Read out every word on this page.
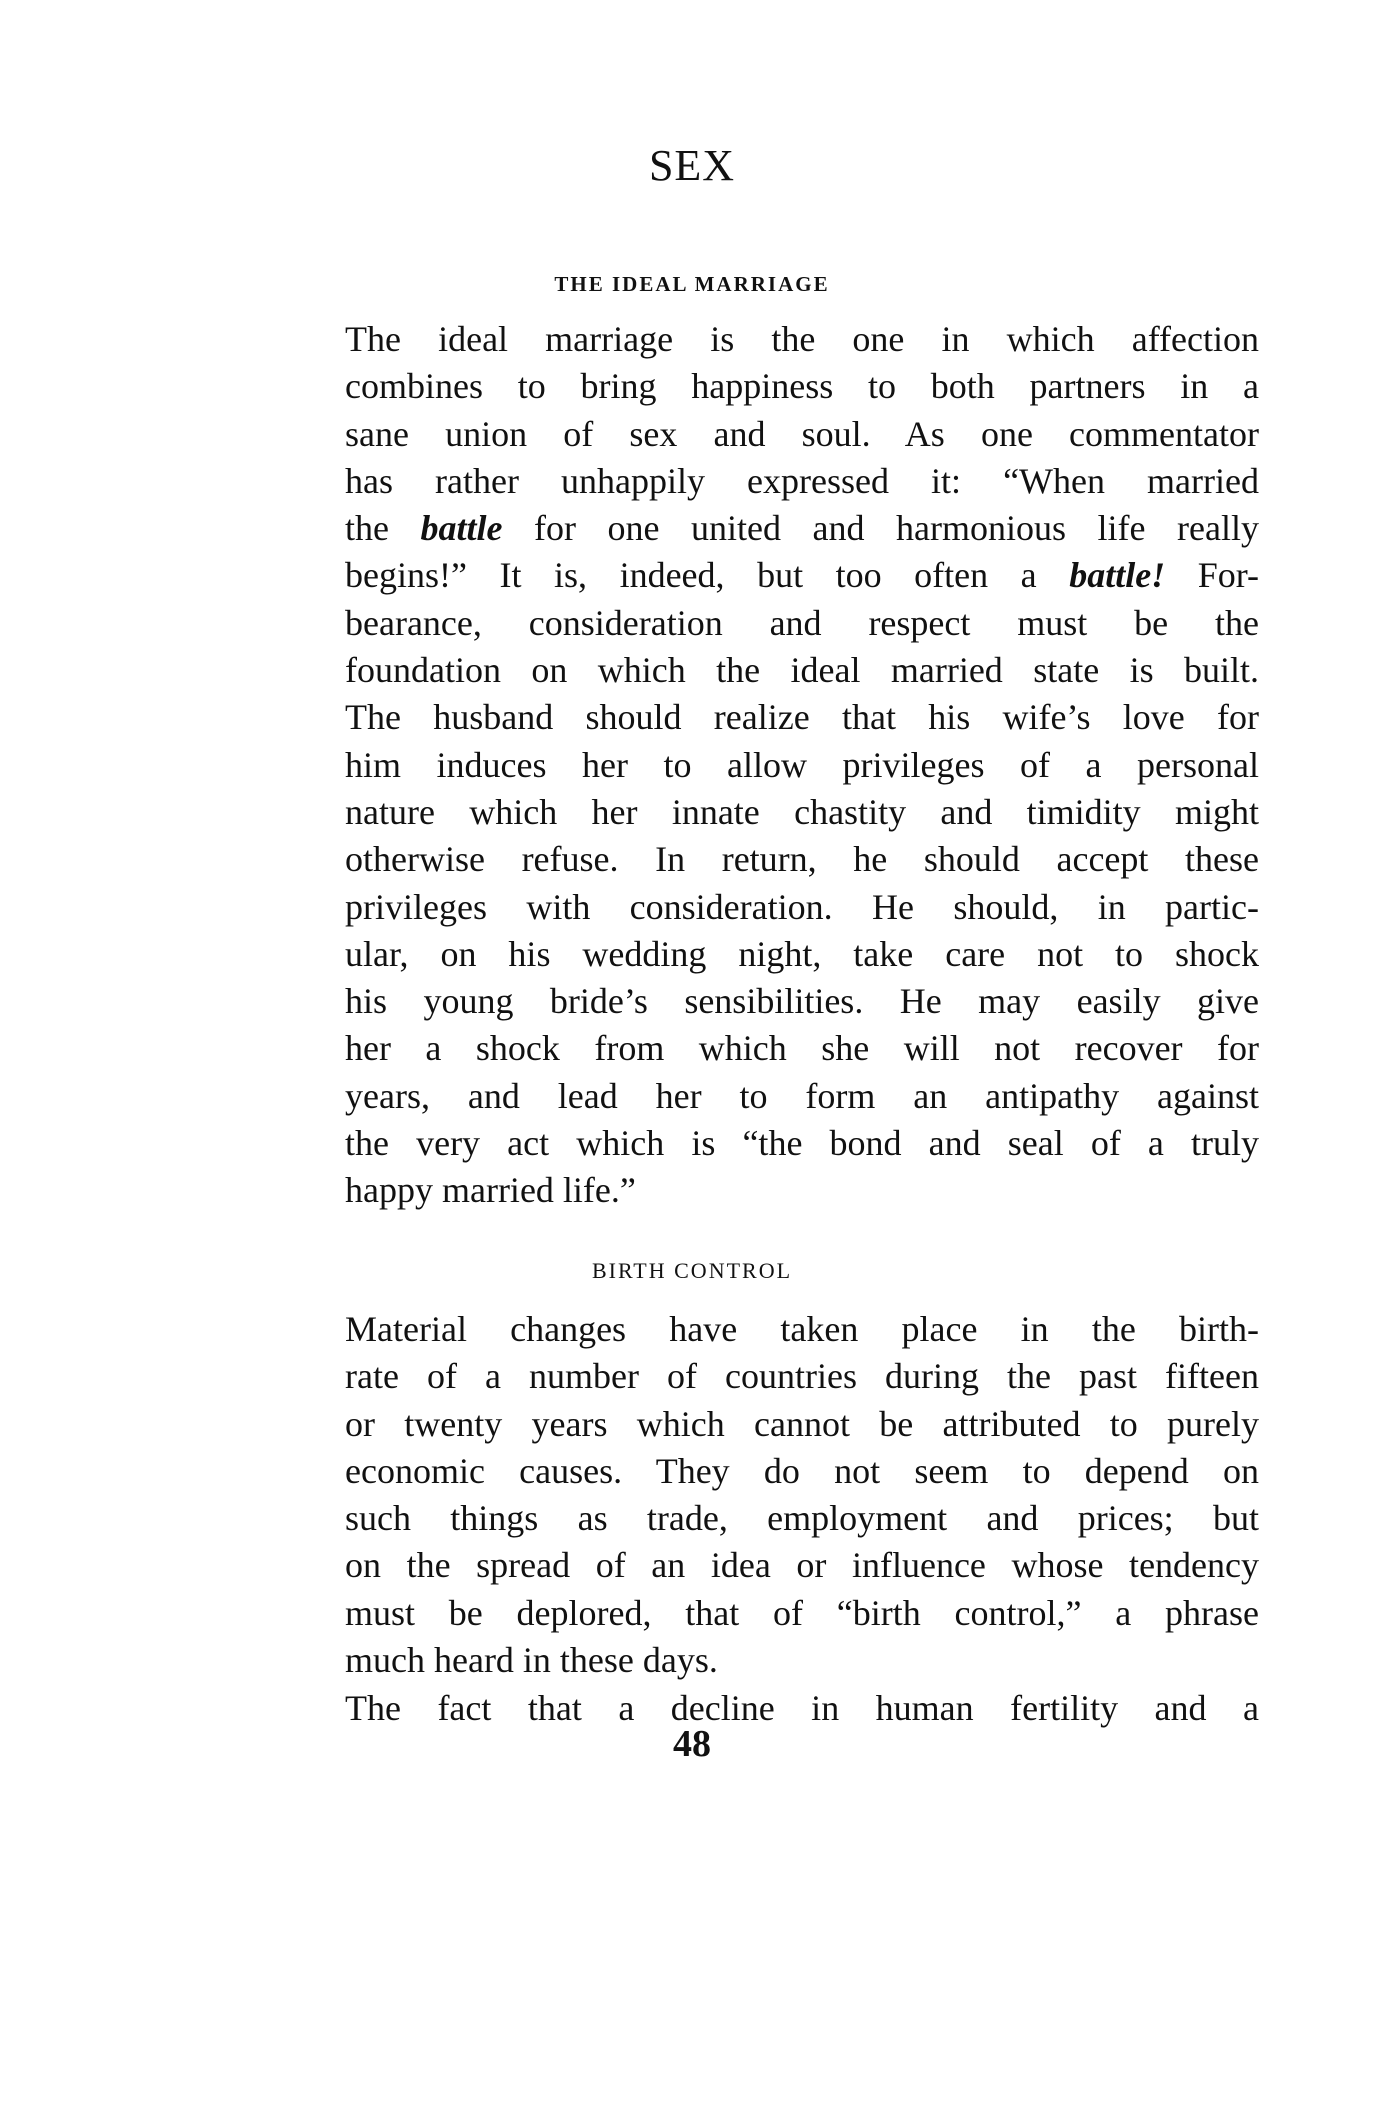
SEX
THE IDEAL MARRIAGE
The ideal marriage is the one in which affection
combines to bring happiness to both partners in a
sane union of sex and soul. As one commentator
has rather unhappily expressed it: “When married
the battle for one united and harmonious life really
begins!” It is, indeed, but too often a battle! For-
bearance, consideration and respect must be the
foundation on which the ideal married state is built.
The husband should realize that his wife’s love for
him induces her to allow privileges of a personal
nature which her innate chastity and timidity might
otherwise refuse. In return, he should accept these
privileges with consideration. He should, in partic-
ular, on his wedding night, take care not to shock
his young bride’s sensibilities. He may easily give
her a shock from which she will not recover for
years, and lead her to form an antipathy against
the very act which is “the bond and seal of a truly
happy married life.”
BIRTH CONTROL
Material changes have taken place in the birth-
rate of a number of countries during the past fifteen
or twenty years which cannot be attributed to purely
economic causes. They do not seem to depend on
such things as trade, employment and prices; but
on the spread of an idea or influence whose tendency
must be deplored, that of “birth control,” a phrase
much heard in these days.
The fact that a decline in human fertility and a
48
